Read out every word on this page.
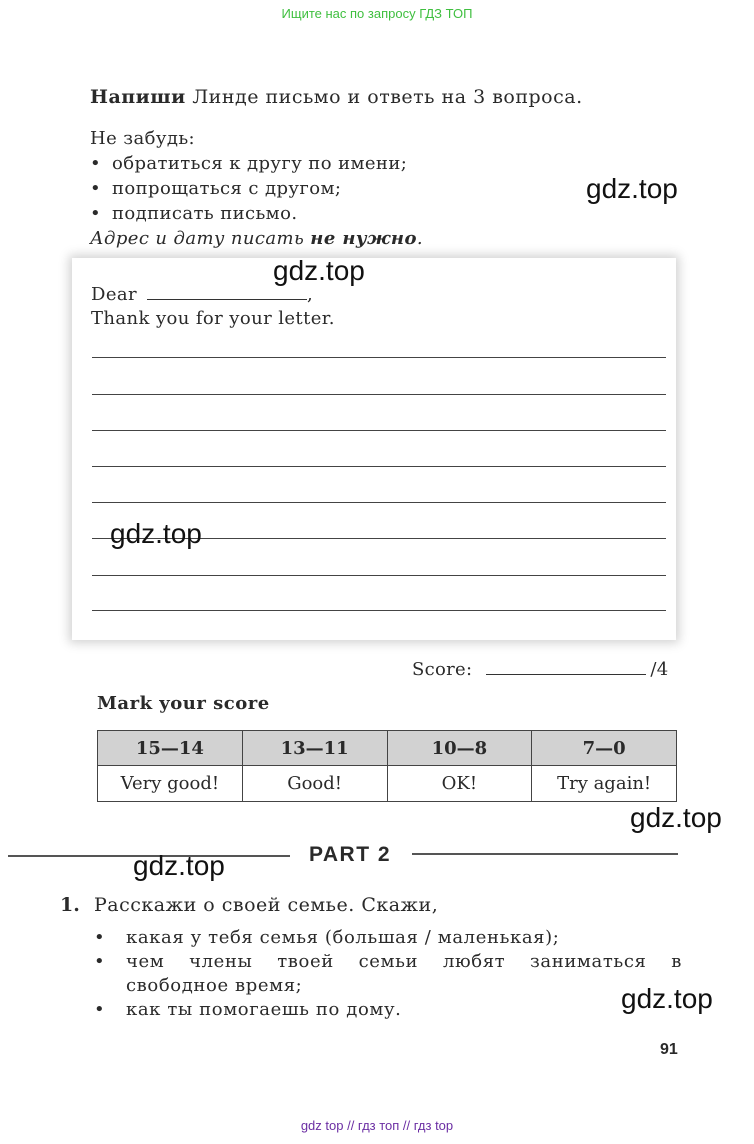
Ищите нас по запросу ГДЗ ТОП
Напиши Линде письмо и ответь на 3 вопроса.
Не забудь:
• обратиться к другу по имени;
• попрощаться с другом;
• подписать письмо.
Адрес и дату писать не нужно.
Dear	,
Thank you for your letter.
Score:	/4
Mark your score
15—14	13—11	10—8	7—0
Very good!	Good!	OK!	Try again!
PART 2
1. Расскажи о своей семье. Скажи,
•	какая у тебя семья (большая / маленькая);
•	чем члены твоей семьи любят заниматься в
свободное время;
•	как ты помогаешь по дому.
91
gdz.top
gdz.top
gdz.top
gdz.top
gdz.top
gdz.top
gdz top // гдз топ // гдз top
